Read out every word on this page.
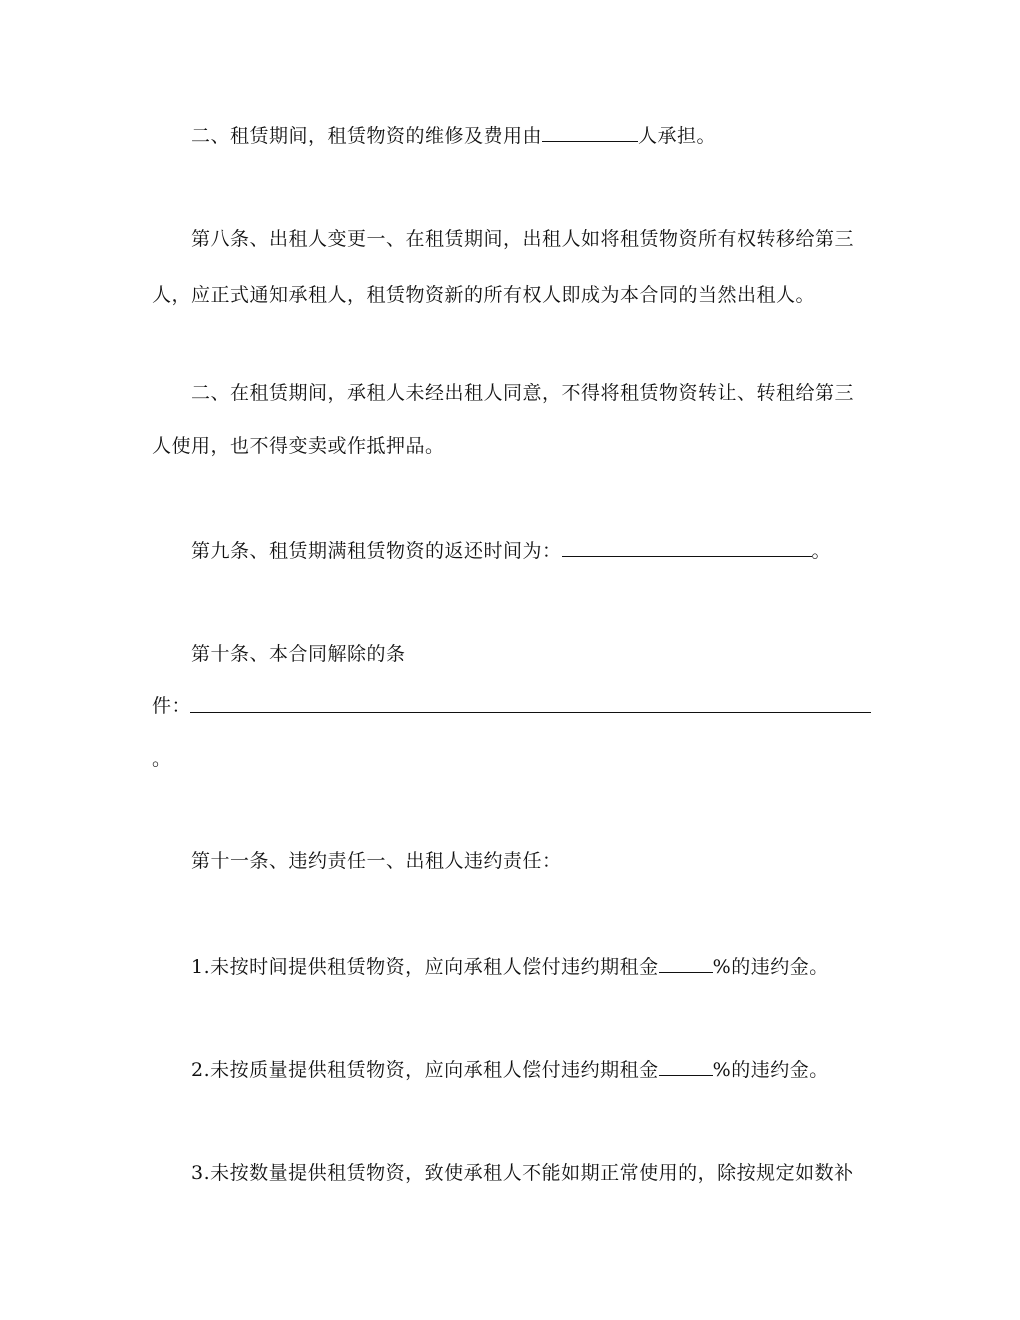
二、租赁期间，租赁物资的维修及费用由	人承担。
第八条、出租人变更一、在租赁期间，出租人如将租赁物资所有权转移给第三
人，应正式通知承租人，租赁物资新的所有权人即成为本合同的当然出租人。
二、在租赁期间，承租人未经出租人同意，不得将租赁物资转让、转租给第三
人使用，也不得变卖或作抵押品。
第九条、租赁期满租赁物资的返还时间为：	。
第十条、本合同解除的条
件：
。
第十一条、违约责任一、出租人违约责任：
1.未按时间提供租赁物资，应向承租人偿付违约期租金	%的违约金。
2.未按质量提供租赁物资，应向承租人偿付违约期租金	%的违约金。
3.未按数量提供租赁物资，致使承租人不能如期正常使用的，除按规定如数补
